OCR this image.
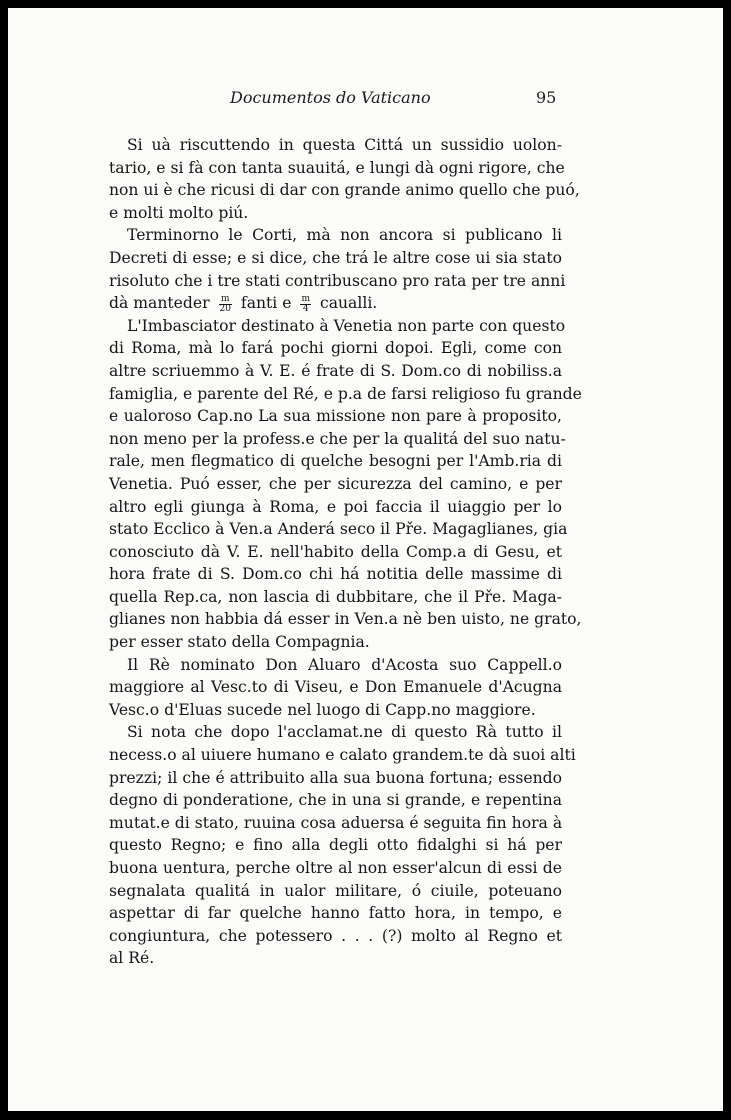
Documentos do Vaticano	95
Si uà riscuttendo in questa Cittá un sussidio uolon-
tario, e si fà con tanta suauitá, e lungi dà ogni rigore, che
non ui è che ricusi di dar con grande animo quello che puó,
e molti molto piú.
Terminorno le Corti, mà non ancora si publicano li
Decreti di esse; e si dice, che trá le altre cose ui sia stato
risoluto che i tre stati contribuscano pro rata per tre anni
dà manteder $\frac{m}{20}$ fanti e $\frac{m}{4}$ caualli.
L'Imbasciator destinato à Venetia non parte con questo
di Roma, mà lo fará pochi giorni dopoi. Egli, come con
altre scriuemmo à V. E. é frate di S. Dom.co di nobiliss.a
famiglia, e parente del Ré, e p.a de farsi religioso fu grande
e ualoroso Cap.no La sua missione non pare à proposito,
non meno per la profess.e che per la qualitá del suo natu-
rale, men flegmatico di quelche besogni per l'Amb.ria di
Venetia. Puó esser, che per sicurezza del camino, e per
altro egli giunga à Roma, e poi faccia il uiaggio per lo
stato Ecclico à Ven.a Anderá seco il Pře. Magaglianes, gia
conosciuto dà V. E. nell'habito della Comp.a di Gesu, et
hora frate di S. Dom.co chi há notitia delle massime di
quella Rep.ca, non lascia di dubbitare, che il Pře. Maga-
glianes non habbia dá esser in Ven.a nè ben uisto, ne grato,
per esser stato della Compagnia.
Il Rè nominato Don Aluaro d'Acosta suo Cappell.o
maggiore al Vesc.to di Viseu, e Don Emanuele d'Acugna
Vesc.o d'Eluas sucede nel luogo di Capp.no maggiore.
Si nota che dopo l'acclamat.ne di questo Rà tutto il
necess.o al uiuere humano e calato grandem.te dà suoi alti
prezzi; il che é attribuito alla sua buona fortuna; essendo
degno di ponderatione, che in una si grande, e repentina
mutat.e di stato, ruuina cosa aduersa é seguita fin hora à
questo Regno; e fino alla degli otto fidalghi si há per
buona uentura, perche oltre al non esser'alcun di essi de
segnalata qualitá in ualor militare, ó ciuile, poteuano
aspettar di far quelche hanno fatto hora, in tempo, e
congiuntura, che potessero . . . (?) molto al Regno et
al Ré.
